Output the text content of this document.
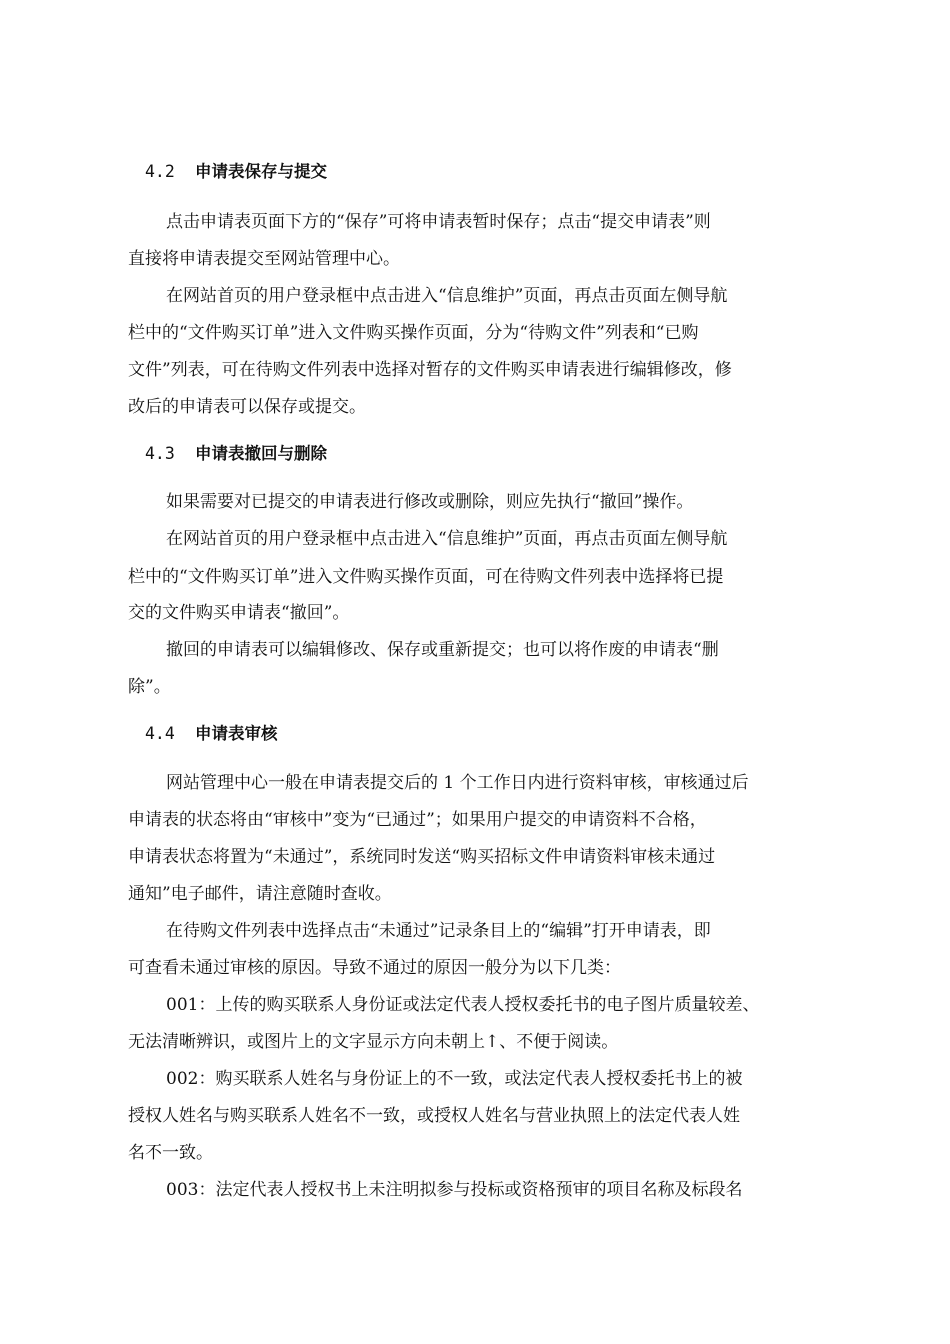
4.2 申请表保存与提交
点击申请表页面下方的“保存”可将申请表暂时保存；点击“提交申请表”则
直接将申请表提交至网站管理中心。
在网站首页的用户登录框中点击进入“信息维护”页面，再点击页面左侧导航
栏中的“文件购买订单”进入文件购买操作页面，分为“待购文件”列表和“已购
文件”列表，可在待购文件列表中选择对暂存的文件购买申请表进行编辑修改，修
改后的申请表可以保存或提交。
4.3 申请表撤回与删除
如果需要对已提交的申请表进行修改或删除，则应先执行“撤回”操作。
在网站首页的用户登录框中点击进入“信息维护”页面，再点击页面左侧导航
栏中的“文件购买订单”进入文件购买操作页面，可在待购文件列表中选择将已提
交的文件购买申请表“撤回”。
撤回的申请表可以编辑修改、保存或重新提交；也可以将作废的申请表“删
除”。
4.4 申请表审核
网站管理中心一般在申请表提交后的 1 个工作日内进行资料审核，审核通过后
申请表的状态将由“审核中”变为“已通过”；如果用户提交的申请资料不合格，
申请表状态将置为“未通过”，系统同时发送“购买招标文件申请资料审核未通过
通知”电子邮件，请注意随时查收。
在待购文件列表中选择点击“未通过”记录条目上的“编辑”打开申请表，即
可查看未通过审核的原因。导致不通过的原因一般分为以下几类：
001：上传的购买联系人身份证或法定代表人授权委托书的电子图片质量较差、
无法清晰辨识，或图片上的文字显示方向未朝上↑、不便于阅读。
002：购买联系人姓名与身份证上的不一致，或法定代表人授权委托书上的被
授权人姓名与购买联系人姓名不一致，或授权人姓名与营业执照上的法定代表人姓
名不一致。
003：法定代表人授权书上未注明拟参与投标或资格预审的项目名称及标段名
